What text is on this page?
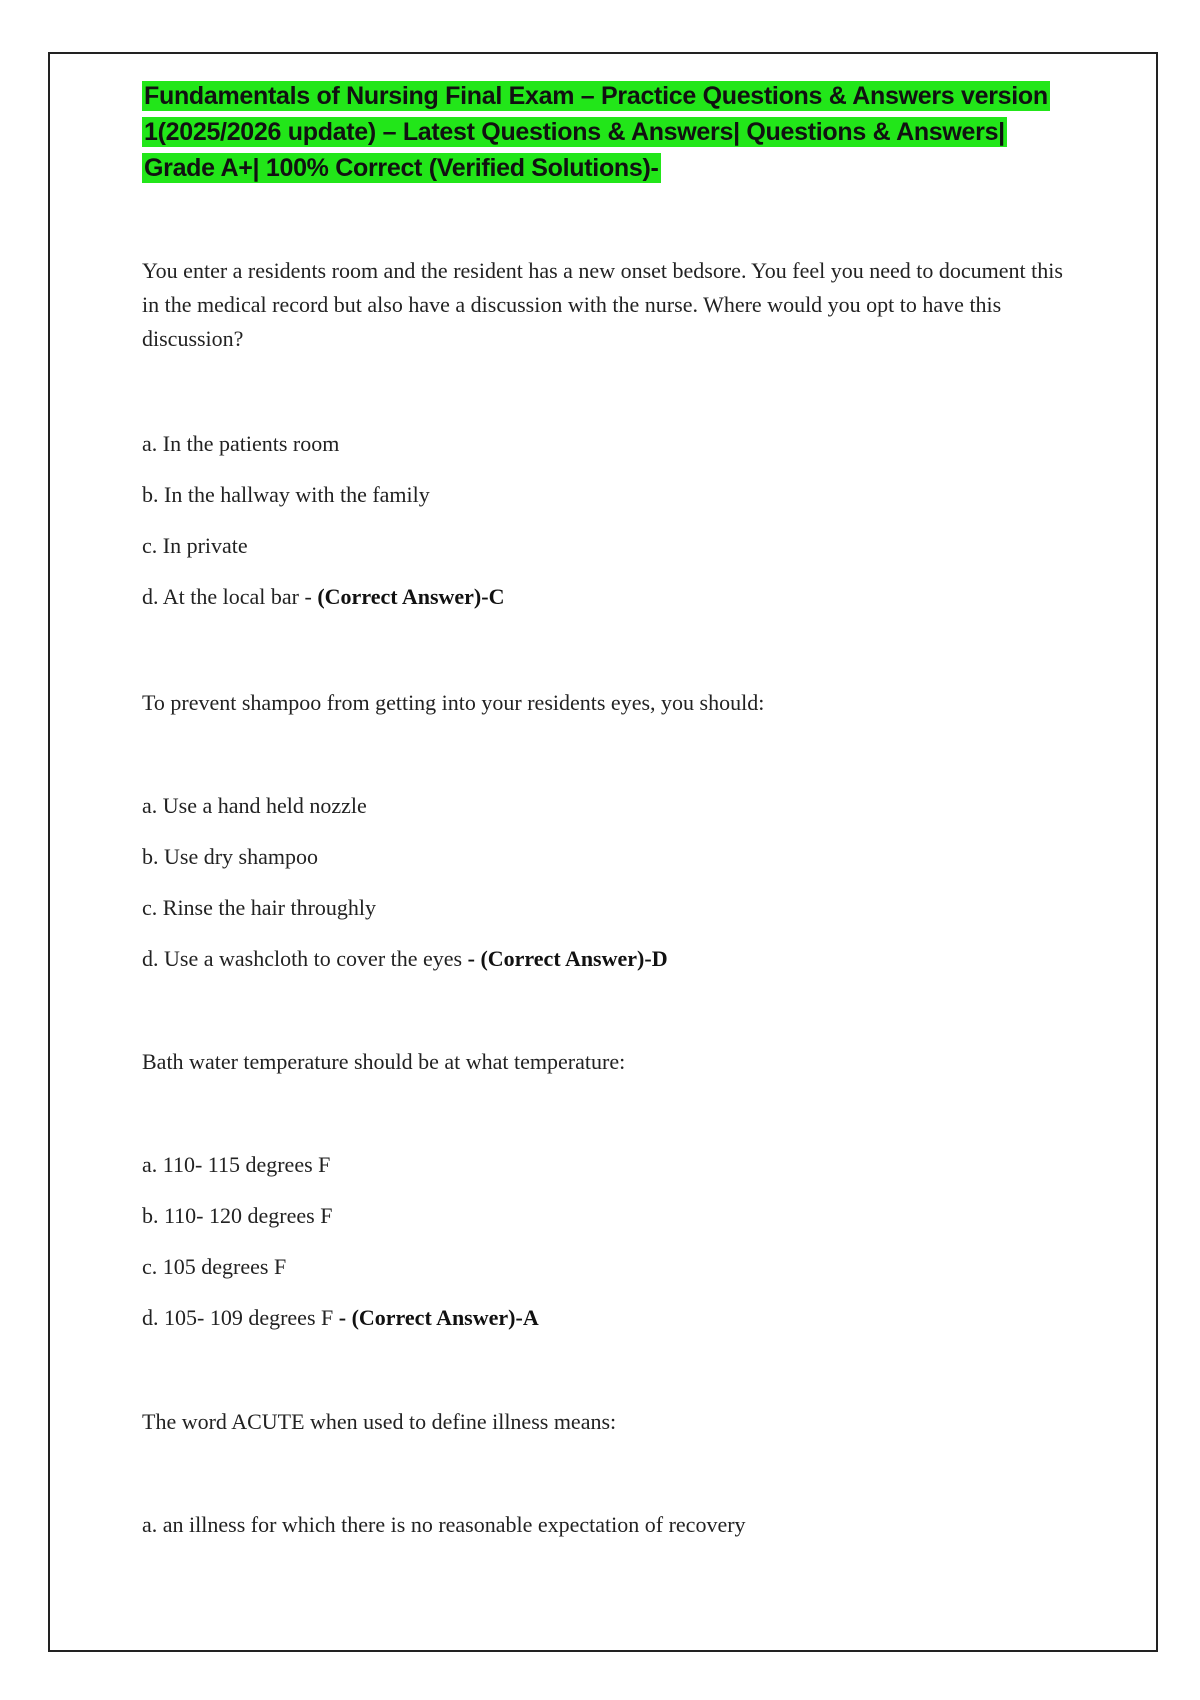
Fundamentals of Nursing Final Exam – Practice Questions & Answers version 1(2025/2026 update) – Latest Questions & Answers| Questions & Answers| Grade A+| 100% Correct (Verified Solutions)-

You enter a residents room and the resident has a new onset bedsore. You feel you need to document this in the medical record but also have a discussion with the nurse. Where would you opt to have this discussion?

a. In the patients room
b. In the hallway with the family
c. In private
d. At the local bar - (Correct Answer)-C

To prevent shampoo from getting into your residents eyes, you should:

a. Use a hand held nozzle
b. Use dry shampoo
c. Rinse the hair throughly
d. Use a washcloth to cover the eyes - (Correct Answer)-D

Bath water temperature should be at what temperature:

a. 110- 115 degrees F
b. 110- 120 degrees F
c. 105 degrees F
d. 105- 109 degrees F - (Correct Answer)-A

The word ACUTE when used to define illness means:

a. an illness for which there is no reasonable expectation of recovery
